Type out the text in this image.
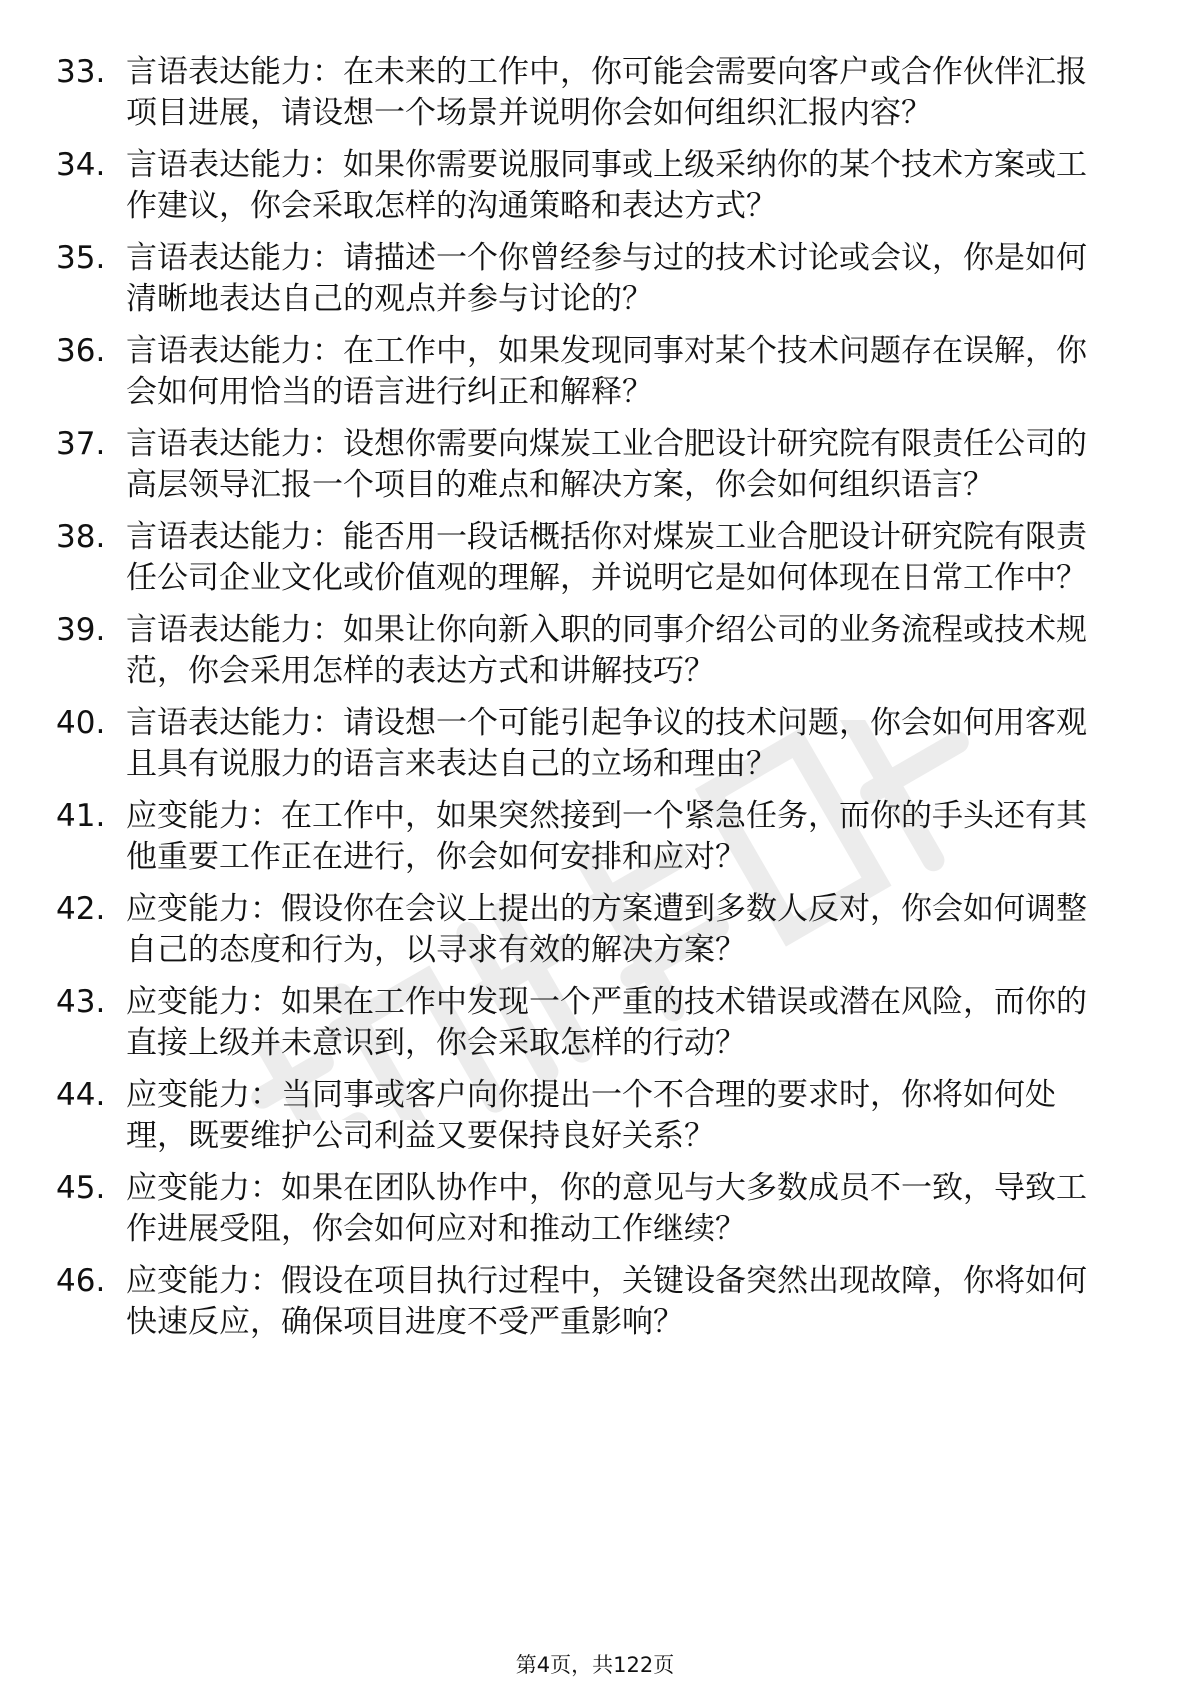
33. 言语表达能力：在未来的工作中，你可能会需要向客户或合作伙伴汇报项目进展，请设想一个场景并说明你会如何组织汇报内容？
34. 言语表达能力：如果你需要说服同事或上级采纳你的某个技术方案或工作建议，你会采取怎样的沟通策略和表达方式？
35. 言语表达能力：请描述一个你曾经参与过的技术讨论或会议，你是如何清晰地表达自己的观点并参与讨论的？
36. 言语表达能力：在工作中，如果发现同事对某个技术问题存在误解，你会如何用恰当的语言进行纠正和解释？
37. 言语表达能力：设想你需要向煤炭工业合肥设计研究院有限责任公司的高层领导汇报一个项目的难点和解决方案，你会如何组织语言？
38. 言语表达能力：能否用一段话概括你对煤炭工业合肥设计研究院有限责任公司企业文化或价值观的理解，并说明它是如何体现在日常工作中？
39. 言语表达能力：如果让你向新入职的同事介绍公司的业务流程或技术规范，你会采用怎样的表达方式和讲解技巧？
40. 言语表达能力：请设想一个可能引起争议的技术问题，你会如何用客观且具有说服力的语言来表达自己的立场和理由？
41. 应变能力：在工作中，如果突然接到一个紧急任务，而你的手头还有其他重要工作正在进行，你会如何安排和应对？
42. 应变能力：假设你在会议上提出的方案遭到多数人反对，你会如何调整自己的态度和行为，以寻求有效的解决方案？
43. 应变能力：如果在工作中发现一个严重的技术错误或潜在风险，而你的直接上级并未意识到，你会采取怎样的行动？
44. 应变能力：当同事或客户向你提出一个不合理的要求时，你将如何处理，既要维护公司利益又要保持良好关系？
45. 应变能力：如果在团队协作中，你的意见与大多数成员不一致，导致工作进展受阻，你会如何应对和推动工作继续？
46. 应变能力：假设在项目执行过程中，关键设备突然出现故障，你将如何快速反应，确保项目进度不受严重影响？
第4页，共122页
